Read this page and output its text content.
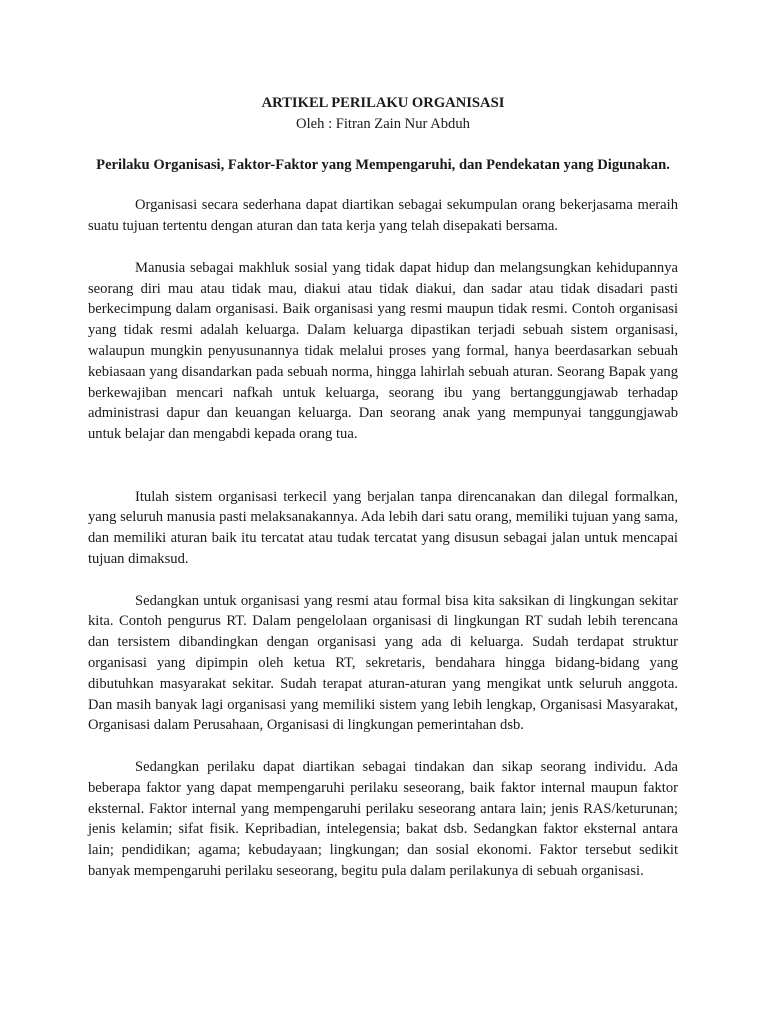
ARTIKEL PERILAKU ORGANISASI

Oleh : Fitran Zain Nur Abduh

Perilaku Organisasi, Faktor-Faktor yang Mempengaruhi, dan Pendekatan yang Digunakan.

Organisasi secara sederhana dapat diartikan sebagai sekumpulan orang bekerjasama meraih suatu tujuan tertentu dengan aturan dan tata kerja yang telah disepakati bersama.

Manusia sebagai makhluk sosial yang tidak dapat hidup dan melangsungkan kehidupannya seorang diri mau atau tidak mau, diakui atau tidak diakui, dan sadar atau tidak disadari pasti berkecimpung dalam organisasi. Baik organisasi yang resmi maupun tidak resmi. Contoh organisasi yang tidak resmi adalah keluarga. Dalam keluarga dipastikan terjadi sebuah sistem organisasi, walaupun mungkin penyusunannya tidak melalui proses yang formal, hanya beerdasarkan sebuah kebiasaan yang disandarkan pada sebuah norma, hingga lahirlah sebuah aturan. Seorang Bapak yang berkewajiban mencari nafkah untuk keluarga, seorang ibu yang bertanggungjawab terhadap administrasi dapur dan keuangan keluarga. Dan seorang anak yang mempunyai tanggungjawab untuk belajar dan mengabdi kepada orang tua.

Itulah sistem organisasi terkecil yang berjalan tanpa direncanakan dan dilegal formalkan, yang seluruh manusia pasti melaksanakannya. Ada lebih dari satu orang, memiliki tujuan yang sama, dan memiliki aturan baik itu tercatat atau tudak tercatat yang disusun sebagai jalan untuk mencapai tujuan dimaksud.

Sedangkan untuk organisasi yang resmi atau formal bisa kita saksikan di lingkungan sekitar kita. Contoh pengurus RT. Dalam pengelolaan organisasi di lingkungan RT sudah lebih terencana dan tersistem dibandingkan dengan organisasi yang ada di keluarga. Sudah terdapat struktur organisasi yang dipimpin oleh ketua RT, sekretaris, bendahara hingga bidang-bidang yang dibutuhkan masyarakat sekitar. Sudah terapat aturan-aturan yang mengikat untk seluruh anggota. Dan masih banyak lagi organisasi yang memiliki sistem yang lebih lengkap, Organisasi Masyarakat, Organisasi dalam Perusahaan, Organisasi di lingkungan pemerintahan dsb.

Sedangkan perilaku dapat diartikan sebagai tindakan dan sikap seorang individu. Ada beberapa faktor yang dapat mempengaruhi perilaku seseorang, baik faktor internal maupun faktor eksternal. Faktor internal yang mempengaruhi perilaku seseorang antara lain; jenis RAS/keturunan; jenis kelamin; sifat fisik. Kepribadian, intelegensia; bakat dsb. Sedangkan faktor eksternal antara lain; pendidikan; agama; kebudayaan; lingkungan; dan sosial ekonomi. Faktor tersebut sedikit banyak mempengaruhi perilaku seseorang, begitu pula dalam perilakunya di sebuah organisasi.
